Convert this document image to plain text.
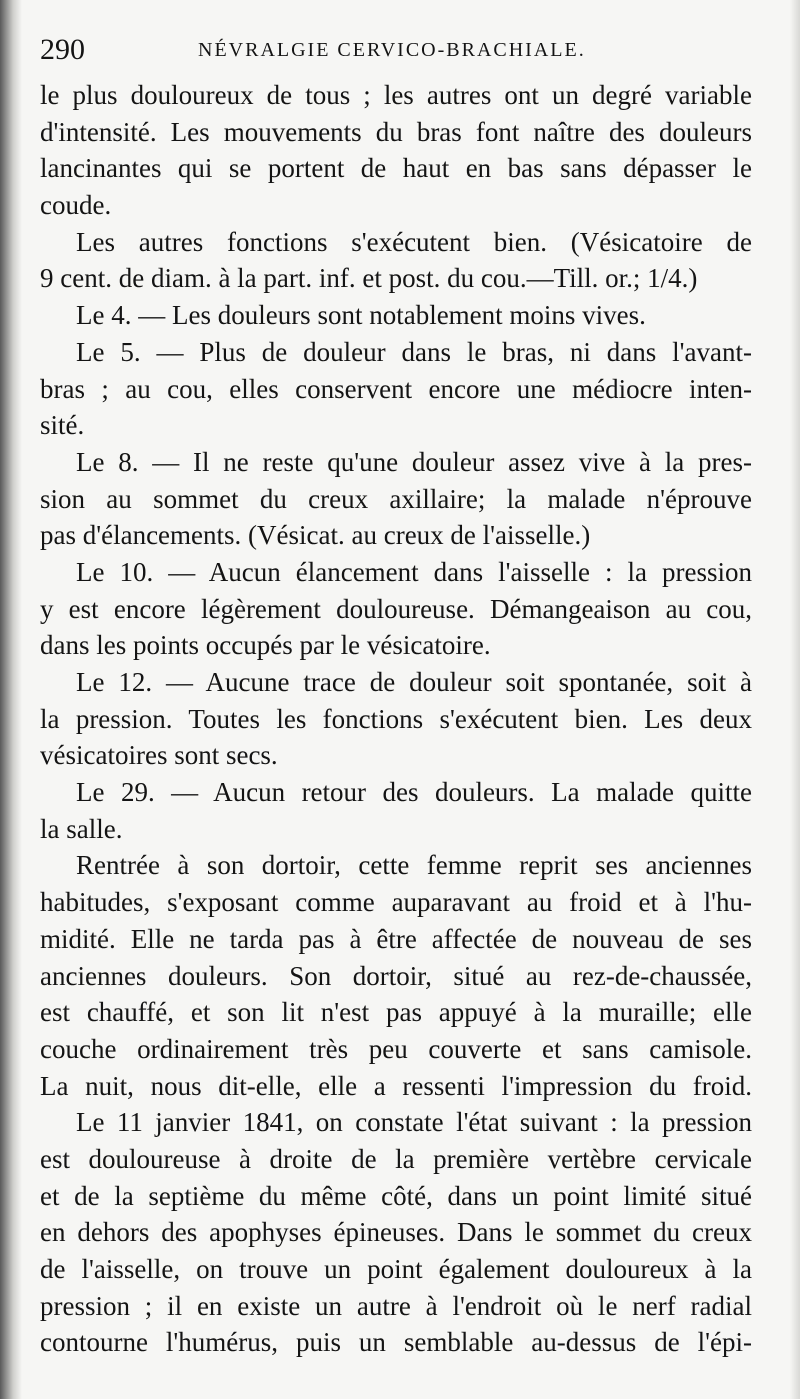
290	NÉVRALGIE CERVICO-BRACHIALE.
le plus douloureux de tous ; les autres ont un degré variable
d'intensité. Les mouvements du bras font naître des douleurs
lancinantes qui se portent de haut en bas sans dépasser le
coude.
Les autres fonctions s'exécutent bien. (Vésicatoire de
9 cent. de diam. à la part. inf. et post. du cou.—Till. or.; 1/4.)
Le 4. — Les douleurs sont notablement moins vives.
Le 5. — Plus de douleur dans le bras, ni dans l'avant-
bras ; au cou, elles conservent encore une médiocre inten-
sité.
Le 8. — Il ne reste qu'une douleur assez vive à la pres-
sion au sommet du creux axillaire; la malade n'éprouve
pas d'élancements. (Vésicat. au creux de l'aisselle.)
Le 10. — Aucun élancement dans l'aisselle : la pression
y est encore légèrement douloureuse. Démangeaison au cou,
dans les points occupés par le vésicatoire.
Le 12. — Aucune trace de douleur soit spontanée, soit à
la pression. Toutes les fonctions s'exécutent bien. Les deux
vésicatoires sont secs.
Le 29. — Aucun retour des douleurs. La malade quitte
la salle.
Rentrée à son dortoir, cette femme reprit ses anciennes
habitudes, s'exposant comme auparavant au froid et à l'hu-
midité. Elle ne tarda pas à être affectée de nouveau de ses
anciennes douleurs. Son dortoir, situé au rez-de-chaussée,
est chauffé, et son lit n'est pas appuyé à la muraille; elle
couche ordinairement très peu couverte et sans camisole.
La nuit, nous dit-elle, elle a ressenti l'impression du froid.
Le 11 janvier 1841, on constate l'état suivant : la pression
est douloureuse à droite de la première vertèbre cervicale
et de la septième du même côté, dans un point limité situé
en dehors des apophyses épineuses. Dans le sommet du creux
de l'aisselle, on trouve un point également douloureux à la
pression ; il en existe un autre à l'endroit où le nerf radial
contourne l'humérus, puis un semblable au-dessus de l'épi-
